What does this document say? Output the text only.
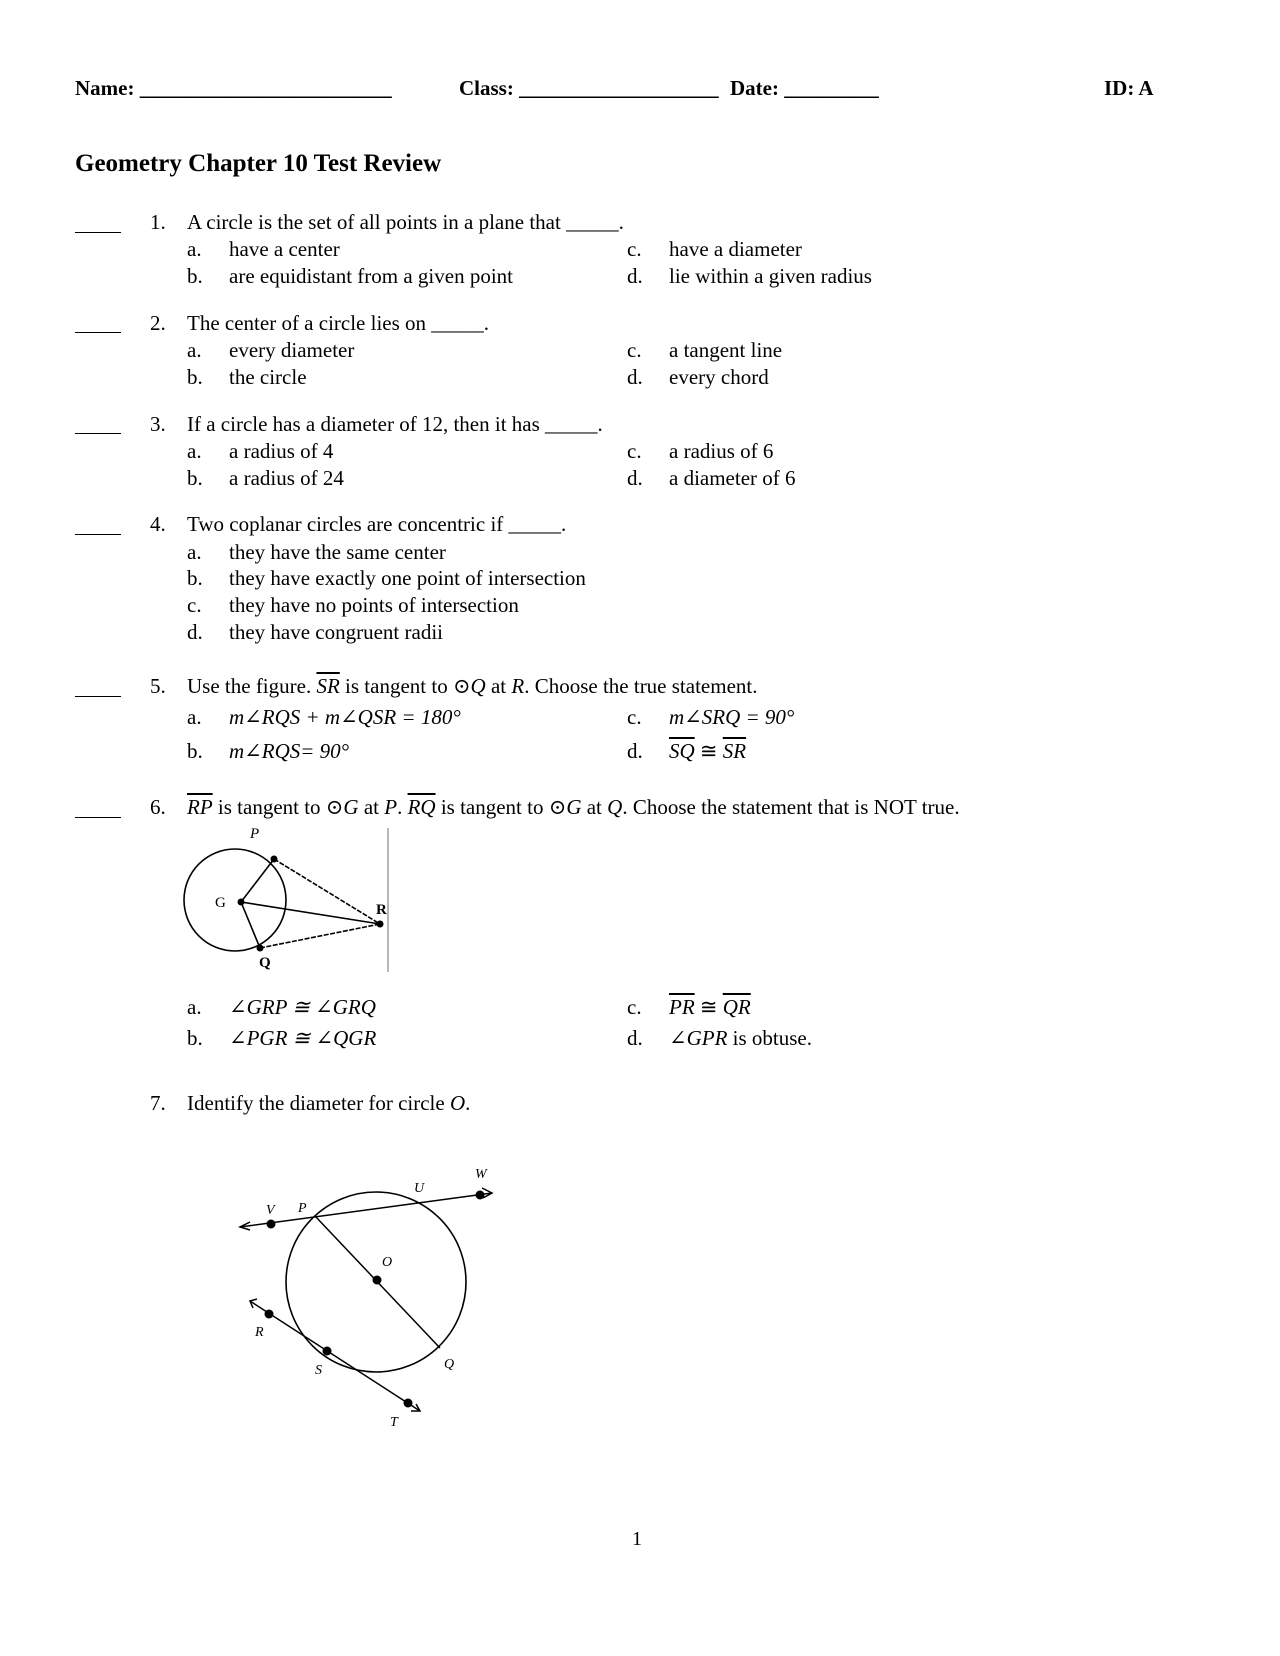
Name: ________________________	Class: ___________________ Date: _________	ID: A
Geometry Chapter 10 Test Review
1. A circle is the set of all points in a plane that _____.
a. have a center
b. are equidistant from a given point
c. have a diameter
d. lie within a given radius
2. The center of a circle lies on _____.
a. every diameter
b. the circle
c. a tangent line
d. every chord
3. If a circle has a diameter of 12, then it has _____.
a. a radius of 4
b. a radius of 24
c. a radius of 6
d. a diameter of 6
4. Two coplanar circles are concentric if _____.
a. they have the same center
b. they have exactly one point of intersection
c. they have no points of intersection
d. they have congruent radii
5. Use the figure. $\overline{SR}$ is tangent to ⊙Q at R. Choose the true statement.
a. m∠RQS + m∠QSR = 180°
b. m∠RQS= 90°
c. m∠SRQ = 90°
d. $\overline{SQ}$ ≅ $\overline{SR}$
6. $\overline{RP}$ is tangent to ⊙G at P. $\overline{RQ}$ is tangent to ⊙G at Q. Choose the statement that is NOT true.
P
G	R
Q
a. ∠GRP ≅ ∠GRQ
b. ∠PGR ≅ ∠QGR
c. $\overline{PR}$ ≅ $\overline{QR}$
d. ∠GPR is obtuse.
7. Identify the diameter for circle O.
V P
U
W
O
R
S	Q
T
1
